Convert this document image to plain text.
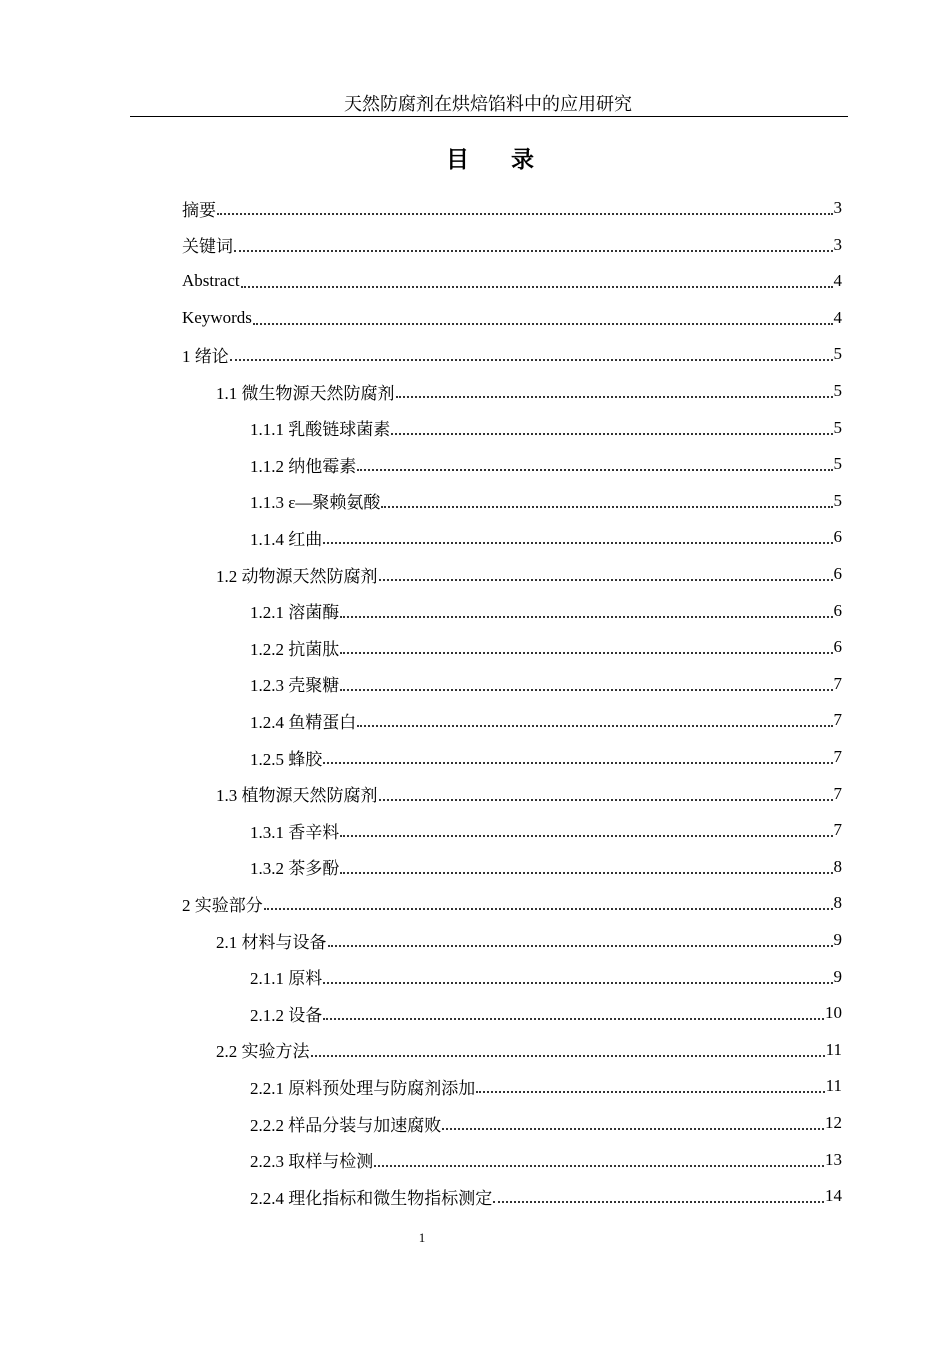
天然防腐剂在烘焙馅料中的应用研究
目 录
摘要	3
关键词	3
Abstract	4
Keywords	4
1 绪论	5
1.1 微生物源天然防腐剂	5
1.1.1 乳酸链球菌素	5
1.1.2 纳他霉素	5
1.1.3 ε—聚赖氨酸	5
1.1.4 红曲	6
1.2 动物源天然防腐剂	6
1.2.1 溶菌酶	6
1.2.2 抗菌肽	6
1.2.3 壳聚糖	7
1.2.4 鱼精蛋白	7
1.2.5 蜂胶	7
1.3 植物源天然防腐剂	7
1.3.1 香辛料	7
1.3.2 茶多酚	8
2 实验部分	8
2.1 材料与设备	9
2.1.1 原料	9
2.1.2 设备	10
2.2 实验方法	11
2.2.1 原料预处理与防腐剂添加	11
2.2.2 样品分装与加速腐败	12
2.2.3 取样与检测	13
2.2.4 理化指标和微生物指标测定	14
1
